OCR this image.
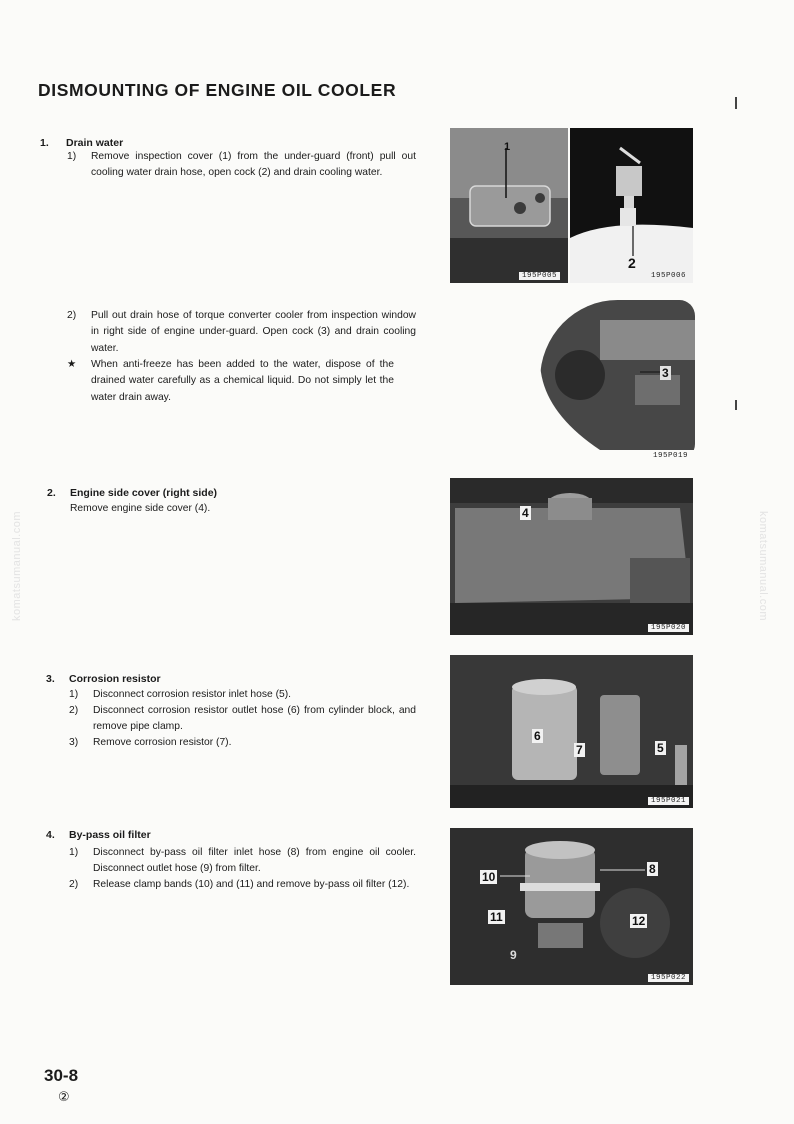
DISMOUNTING OF ENGINE OIL COOLER
komatsumanual.com	komatsumanual.com
1. Drain water
1)	Remove inspection cover (1) from the under-guard (front) pull out cooling water drain hose, open cock (2) and drain cooling water.
2)	Pull out drain hose of torque converter cooler from inspection window in right side of engine under-guard. Open cock (3) and drain cooling water.
★	When anti-freeze has been added to the water, dispose of the drained water carefully as a chemical liquid. Do not simply let the water drain away.
2. Engine side cover (right side)
Remove engine side cover (4).
3. Corrosion resistor
1)	Disconnect corrosion resistor inlet hose (5).
2)	Disconnect corrosion resistor outlet hose (6) from cylinder block, and remove pipe clamp.
3)	Remove corrosion resistor (7).
4. By-pass oil filter
1)	Disconnect by-pass oil filter inlet hose (8) from engine oil cooler. Disconnect outlet hose (9) from filter.
2)	Release clamp bands (10) and (11) and remove by-pass oil filter (12).
1
195P005
2
195P006
3
195P019
4
195P020
6
7	5
195P021
10
8
11	12
9
195P022
30-8
②
